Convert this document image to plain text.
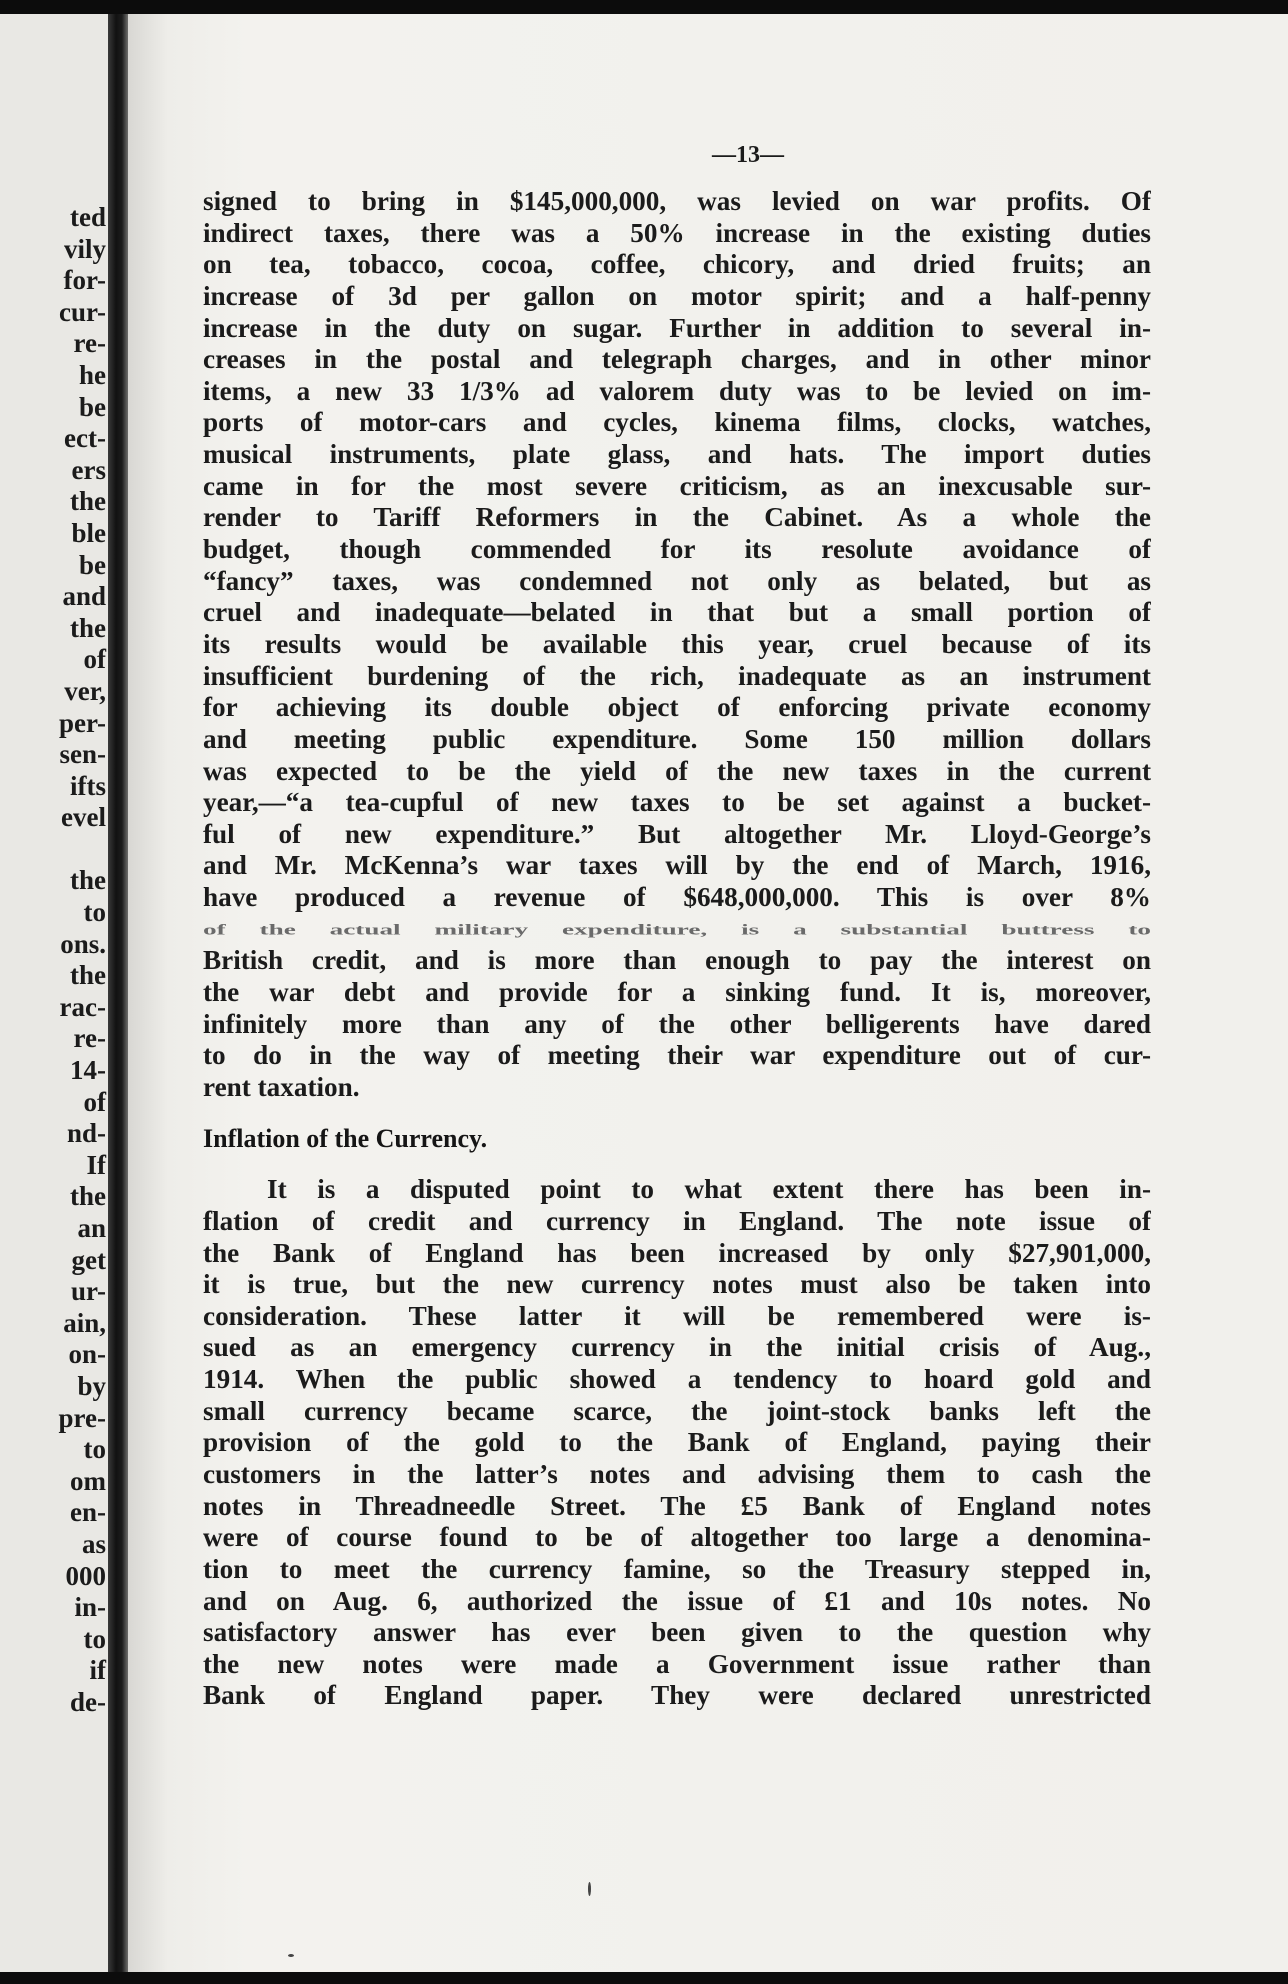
ted
vily
for-
cur-
re-
he
be
ect-
ers
the
ble
be
and
the
of
ver,
per-
sen-
ifts
evel

the
to
ons.
the
rac-
re-
14-
of
nd-
If
the
an
get
ur-
ain,
on-
by
pre-
to
om
en-
as
000
in-
to
if
de-
—13—
signed to bring in $145,000,000, was levied on war profits. Of
indirect taxes, there was a 50% increase in the existing duties
on tea, tobacco, cocoa, coffee, chicory, and dried fruits; an
increase of 3d per gallon on motor spirit; and a half-penny
increase in the duty on sugar. Further in addition to several in-
creases in the postal and telegraph charges, and in other minor
items, a new 33 1/3% ad valorem duty was to be levied on im-
ports of motor-cars and cycles, kinema films, clocks, watches,
musical instruments, plate glass, and hats. The import duties
came in for the most severe criticism, as an inexcusable sur-
render to Tariff Reformers in the Cabinet. As a whole the
budget, though commended for its resolute avoidance of
“fancy” taxes, was condemned not only as belated, but as
cruel and inadequate—belated in that but a small portion of
its results would be available this year, cruel because of its
insufficient burdening of the rich, inadequate as an instrument
for achieving its double object of enforcing private economy
and meeting public expenditure. Some 150 million dollars
was expected to be the yield of the new taxes in the current
year,—“a tea-cupful of new taxes to be set against a bucket-
ful of new expenditure.” But altogether Mr. Lloyd-George’s
and Mr. McKenna’s war taxes will by the end of March, 1916,
have produced a revenue of $648,000,000. This is over 8%
of the actual military expenditure, is a substantial buttress to
British credit, and is more than enough to pay the interest on
the war debt and provide for a sinking fund. It is, moreover,
infinitely more than any of the other belligerents have dared
to do in the way of meeting their war expenditure out of cur-
rent taxation.
Inflation of the Currency.
It is a disputed point to what extent there has been in-
flation of credit and currency in England. The note issue of
the Bank of England has been increased by only $27,901,000,
it is true, but the new currency notes must also be taken into
consideration. These latter it will be remembered were is-
sued as an emergency currency in the initial crisis of Aug.,
1914. When the public showed a tendency to hoard gold and
small currency became scarce, the joint-stock banks left the
provision of the gold to the Bank of England, paying their
customers in the latter’s notes and advising them to cash the
notes in Threadneedle Street. The £5 Bank of England notes
were of course found to be of altogether too large a denomina-
tion to meet the currency famine, so the Treasury stepped in,
and on Aug. 6, authorized the issue of £1 and 10s notes. No
satisfactory answer has ever been given to the question why
the new notes were made a Government issue rather than
Bank of England paper. They were declared unrestricted
